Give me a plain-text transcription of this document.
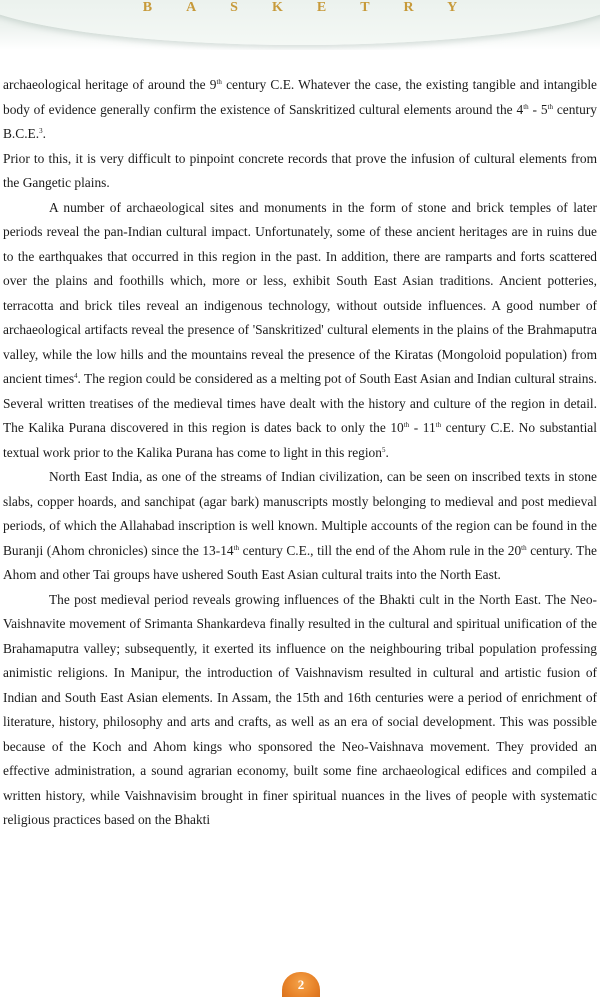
BASKETRY

archaeological heritage of around the 9th century C.E. Whatever the case, the existing tangible and intangible body of evidence generally confirm the existence of Sanskritized cultural elements around the 4th - 5th century B.C.E.$^3$.

Prior to this, it is very difficult to pinpoint concrete records that prove the infusion of cultural elements from the Gangetic plains.

A number of archaeological sites and monuments in the form of stone and brick temples of later periods reveal the pan-Indian cultural impact. Unfortunately, some of these ancient heritages are in ruins due to the earthquakes that occurred in this region in the past. In addition, there are ramparts and forts scattered over the plains and foothills which, more or less, exhibit South East Asian traditions. Ancient potteries, terracotta and brick tiles reveal an indigenous technology, without outside influences. A good number of archaeological artifacts reveal the presence of 'Sanskritized' cultural elements in the plains of the Brahmaputra valley, while the low hills and the mountains reveal the presence of the Kiratas (Mongoloid population) from ancient times$^4$. The region could be considered as a melting pot of South East Asian and Indian cultural strains. Several written treatises of the medieval times have dealt with the history and culture of the region in detail. The Kalika Purana discovered in this region is dates back to only the 10th - 11th century C.E. No substantial textual work prior to the Kalika Purana has come to light in this region$^5$.

North East India, as one of the streams of Indian civilization, can be seen on inscribed texts in stone slabs, copper hoards, and sanchipat (agar bark) manuscripts mostly belonging to medieval and post medieval periods, of which the Allahabad inscription is well known. Multiple accounts of the region can be found in the Buranji (Ahom chronicles) since the 13-14th century C.E., till the end of the Ahom rule in the 20th century. The Ahom and other Tai groups have ushered South East Asian cultural traits into the North East.

The post medieval period reveals growing influences of the Bhakti cult in the North East. The Neo-Vaishnavite movement of Srimanta Shankardeva finally resulted in the cultural and spiritual unification of the Brahamaputra valley; subsequently, it exerted its influence on the neighbouring tribal population professing animistic religions. In Manipur, the introduction of Vaishnavism resulted in cultural and artistic fusion of Indian and South East Asian elements. In Assam, the 15th and 16th centuries were a period of enrichment of literature, history, philosophy and arts and crafts, as well as an era of social development. This was possible because of the Koch and Ahom kings who sponsored the Neo-Vaishnava movement. They provided an effective administration, a sound agrarian economy, built some fine archaeological edifices and compiled a written history, while Vaishnavisim brought in finer spiritual nuances in the lives of people with systematic religious practices based on the Bhakti

2
